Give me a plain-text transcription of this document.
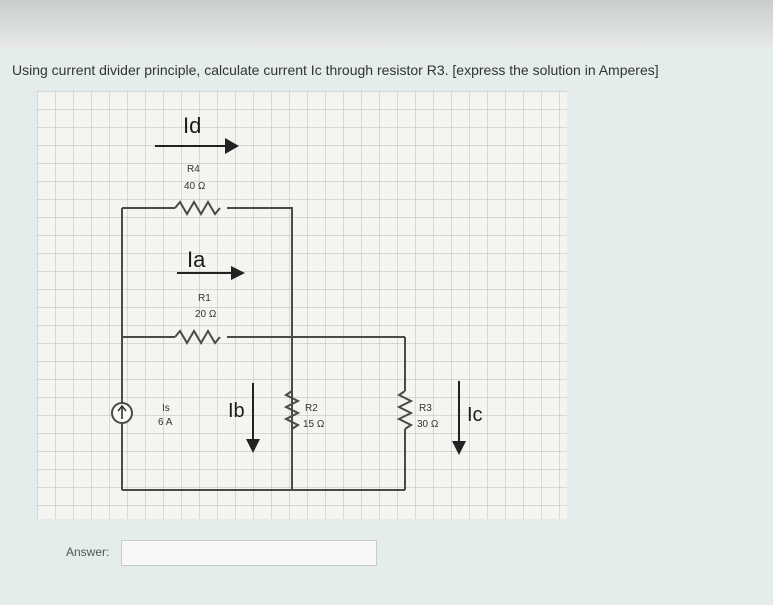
Using current divider principle, calculate current Ic through resistor R3. [express the solution in Amperes]
Id
R4
40 Ω
Ia
R1
20 Ω
Ib	R2
15 Ω
R3
30 Ω Ic
Is
6 A
Answer:
